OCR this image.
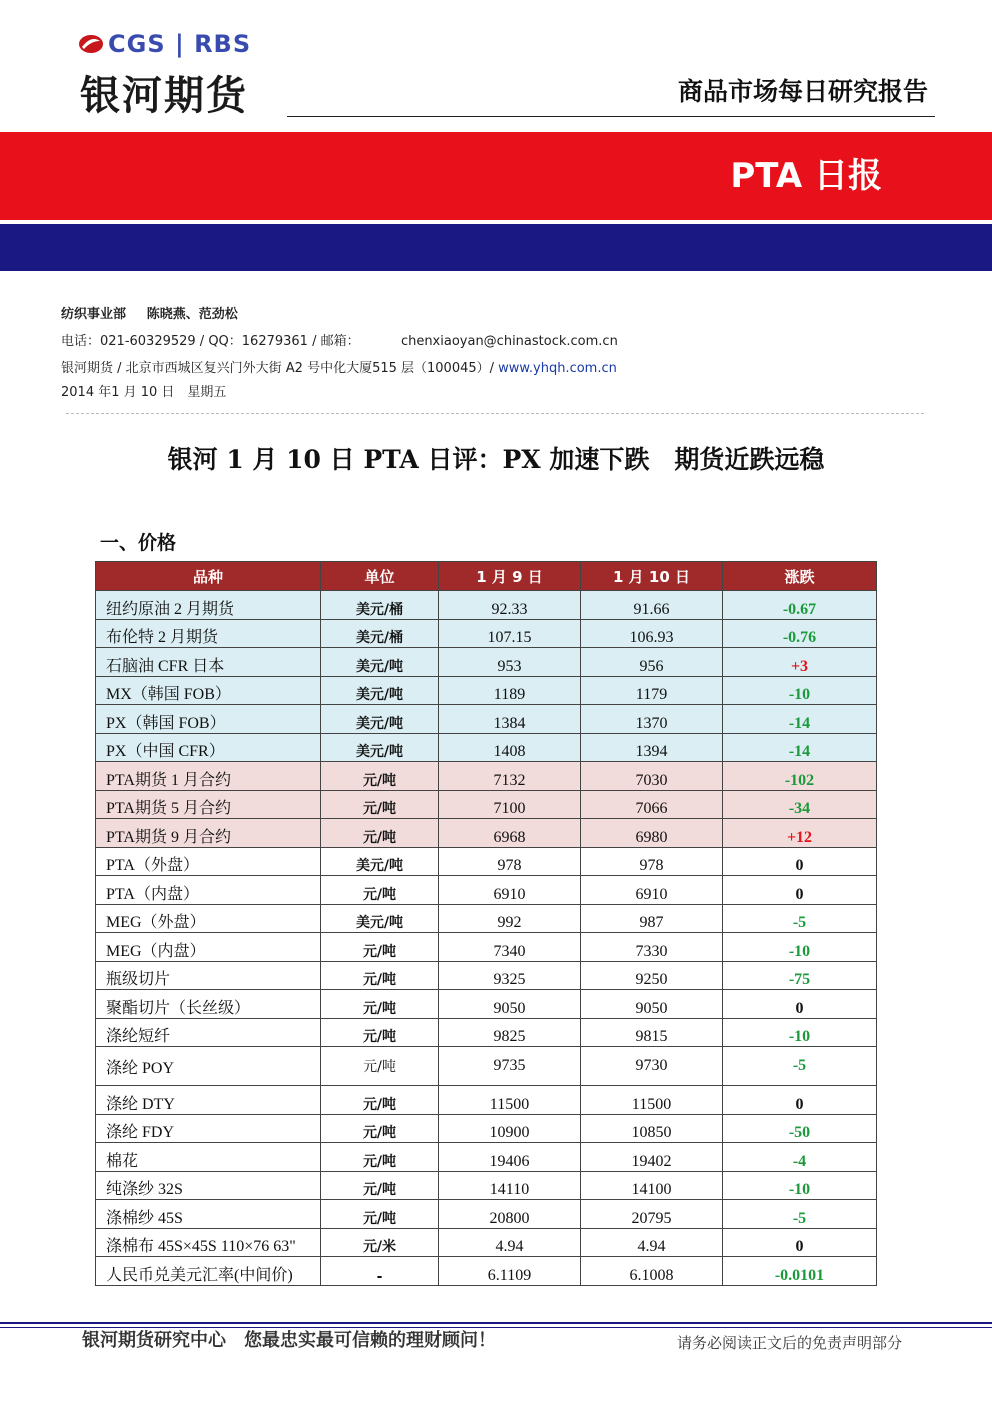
CGS | RBS
银河期货	商品市场每日研究报告
PTA 日报
纺织事业部 陈晓燕、范劲松
电话：021-60329529 / QQ：16279361 / 邮箱：	chenxiaoyan@chinastock.com.cn
银河期货 / 北京市西城区复兴门外大街 A2 号中化大厦515 层（100045）/ www.yhqh.com.cn
2014 年1 月 10 日　星期五
银河 1 月 10 日 PTA 日评：PX 加速下跌　期货近跌远稳
一、价格
品种	单位	1 月 9 日	1 月 10 日	涨跌
纽约原油 2 月期货	美元/桶	92.33	91.66	-0.67
布伦特 2 月期货	美元/桶	107.15	106.93	-0.76
石脑油 CFR 日本	美元/吨	953	956	+3
MX（韩国 FOB）	美元/吨	1189	1179	-10
PX（韩国 FOB）	美元/吨	1384	1370	-14
PX（中国 CFR）	美元/吨	1408	1394	-14
PTA期货 1 月合约	元/吨	7132	7030	-102
PTA期货 5 月合约	元/吨	7100	7066	-34
PTA期货 9 月合约	元/吨	6968	6980	+12
PTA（外盘）	美元/吨	978	978	0
PTA（内盘）	元/吨	6910	6910	0
MEG（外盘）	美元/吨	992	987	-5
MEG（内盘）	元/吨	7340	7330	-10
瓶级切片	元/吨	9325	9250	-75
聚酯切片（长丝级）	元/吨	9050	9050	0
涤纶短纤	元/吨	9825	9815	-10
涤纶 POY	元/吨	9735	9730	-5
涤纶 DTY	元/吨	11500	11500	0
涤纶 FDY	元/吨	10900	10850	-50
棉花	元/吨	19406	19402	-4
纯涤纱 32S	元/吨	14110	14100	-10
涤棉纱 45S	元/吨	20800	20795	-5
涤棉布 45S×45S 110×76 63"	元/米	4.94	4.94	0
人民币兑美元汇率(中间价)	-	6.1109	6.1008	-0.0101
银河期货研究中心　您最忠实最可信赖的理财顾问！	请务必阅读正文后的免责声明部分
